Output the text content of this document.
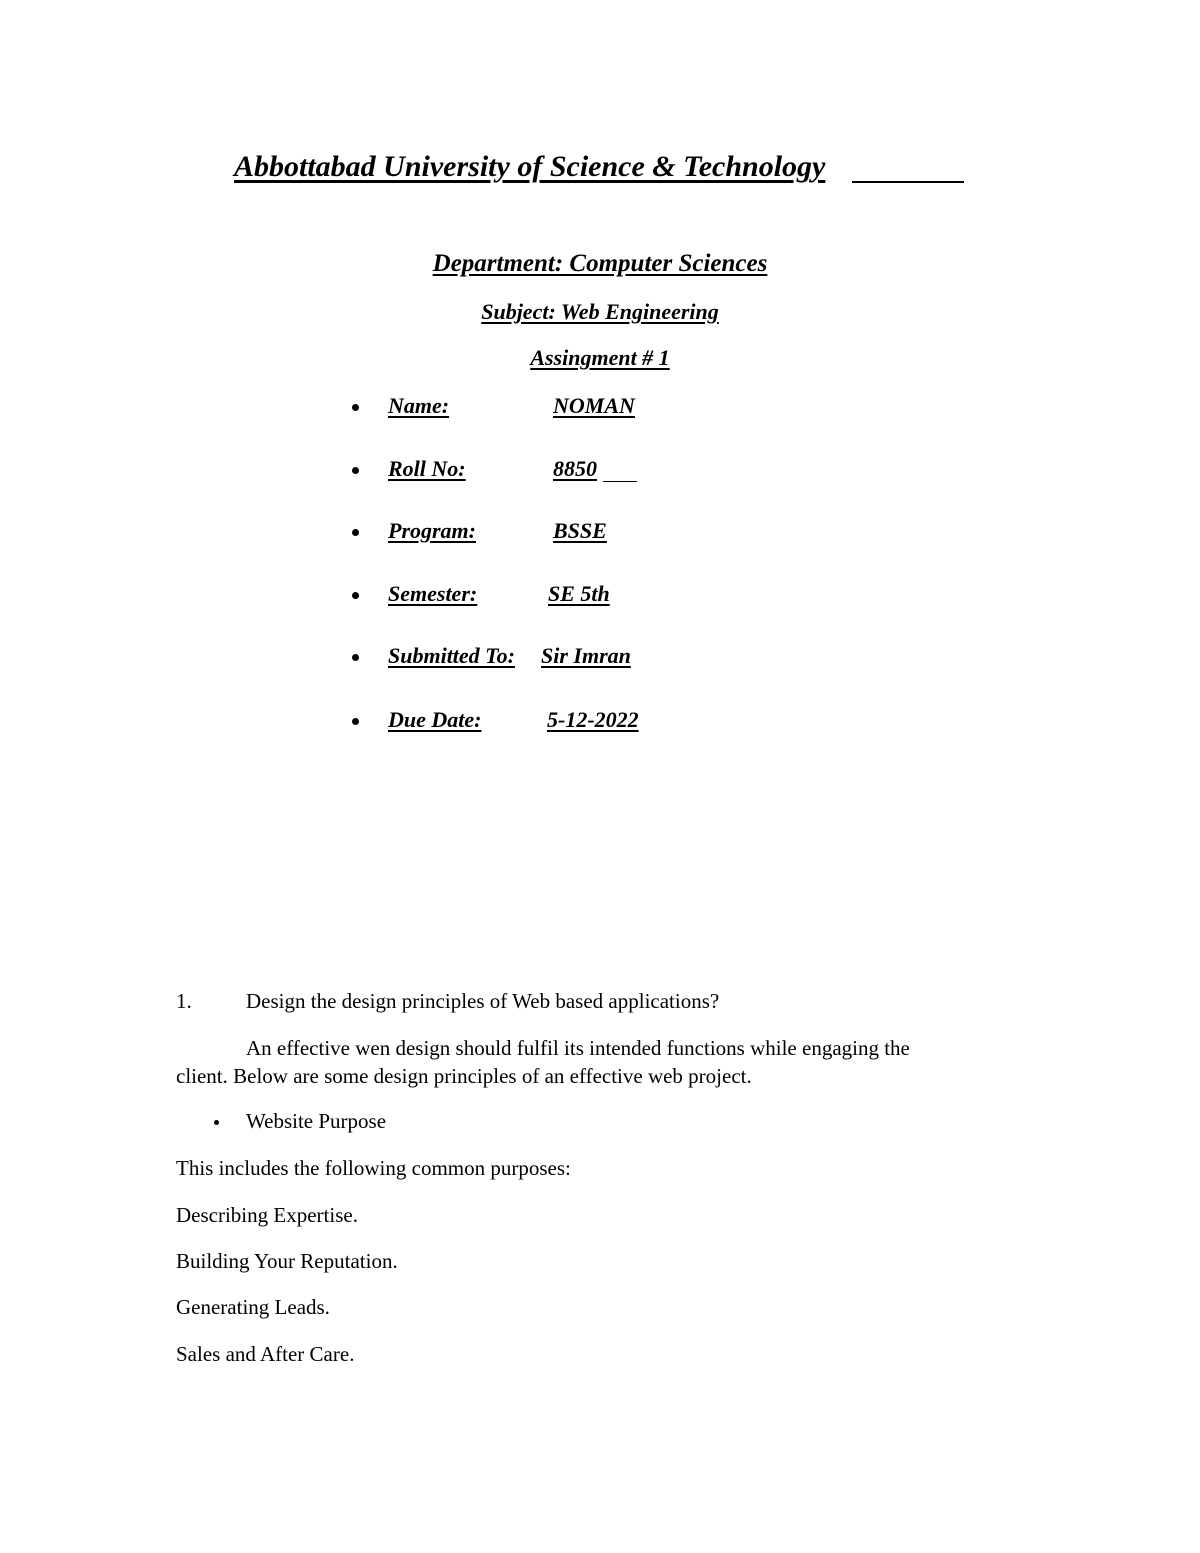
Abbottabad University of Science & Technology
Department: Computer Sciences
Subject: Web Engineering
Assingment # 1
Name:	NOMAN
Roll No:	8850
Program:	BSSE
Semester:	SE 5th
Submitted To: Sir Imran
Due Date:	5-12-2022
1.	Design the design principles of Web based applications?
An effective wen design should fulfil its intended functions while engaging the
client. Below are some design principles of an effective web project.
Website Purpose
This includes the following common purposes:
Describing Expertise.
Building Your Reputation.
Generating Leads.
Sales and After Care.
